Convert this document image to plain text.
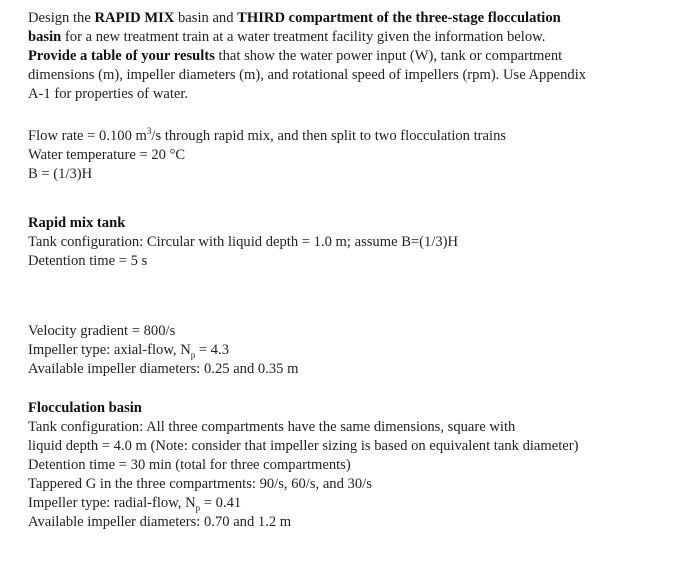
Design the RAPID MIX basin and THIRD compartment of the three-stage flocculation
basin for a new treatment train at a water treatment facility given the information below.
Provide a table of your results that show the water power input (W), tank or compartment
dimensions (m), impeller diameters (m), and rotational speed of impellers (rpm). Use Appendix
A-1 for properties of water.
Flow rate = 0.100 $m^3/s$ through rapid mix, and then split to two flocculation trains
Water temperature = 20 °C
B = (1/3)H
Rapid mix tank
Tank configuration: Circular with liquid depth = 1.0 m; assume B=(1/3)H
Detention time = 5 s
Velocity gradient = 800/s
Impeller type: axial-flow, $N_p = 4.3$
Available impeller diameters: 0.25 and 0.35 m
Flocculation basin
Tank configuration: All three compartments have the same dimensions, square with
liquid depth = 4.0 m (Note: consider that impeller sizing is based on equivalent tank diameter)
Detention time = 30 min (total for three compartments)
Tappered G in the three compartments: 90/s, 60/s, and 30/s
Impeller type: radial-flow, $N_p = 0.41$
Available impeller diameters: 0.70 and 1.2 m
